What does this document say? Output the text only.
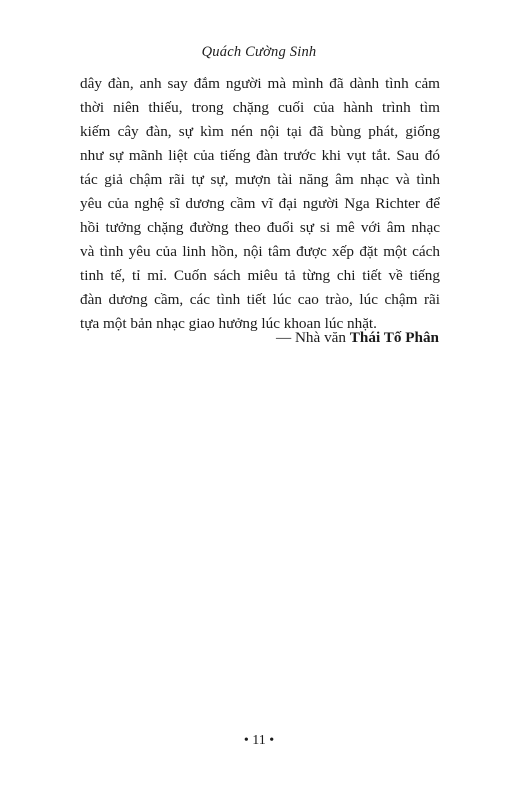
Quách Cường Sinh
dây đàn, anh say đắm người mà mình đã dành tình cảm
thời niên thiếu, trong chặng cuối của hành trình tìm
kiếm cây đàn, sự kìm nén nội tại đã bùng phát, giống
như sự mãnh liệt của tiếng đàn trước khi vụt tắt. Sau đó
tác giả chậm rãi tự sự, mượn tài năng âm nhạc và tình
yêu của nghệ sĩ dương cầm vĩ đại người Nga Richter để
hồi tưởng chặng đường theo đuổi sự si mê với âm nhạc
và tình yêu của linh hồn, nội tâm được xếp đặt một cách
tinh tế, tỉ mỉ. Cuốn sách miêu tả từng chi tiết về tiếng
đàn dương cầm, các tình tiết lúc cao trào, lúc chậm rãi
tựa một bản nhạc giao hưởng lúc khoan lúc nhặt.
— Nhà văn Thái Tố Phân
• 11 •
